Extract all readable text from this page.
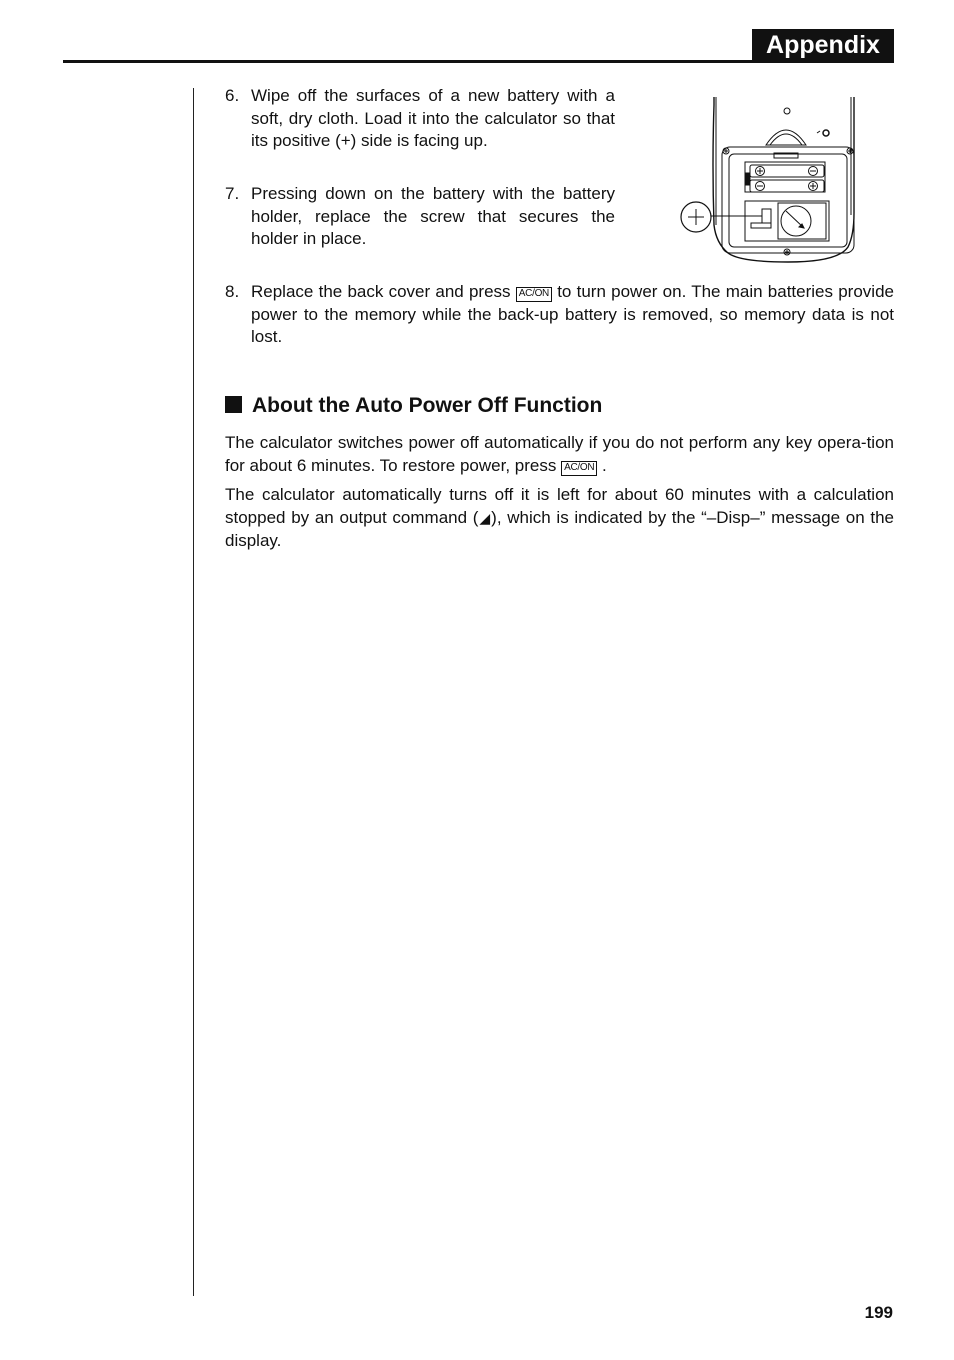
Appendix
6. Wipe off the surfaces of a new battery with a soft, dry cloth. Load it into the calculator so that its positive (+) side is facing up.
7. Pressing down on the battery with the battery holder, replace the screw that secures the holder in place.
8. Replace the back cover and press AC/ON to turn power on. The main batteries provide power to the memory while the back-up battery is removed, so memory data is not lost.
About the Auto Power Off Function
The calculator switches power off automatically if you do not perform any key opera-tion for about 6 minutes. To restore power, press AC/ON .
The calculator automatically turns off it is left for about 60 minutes with a calculation stopped by an output command (◢), which is indicated by the “–Disp–” message on the display.
199
